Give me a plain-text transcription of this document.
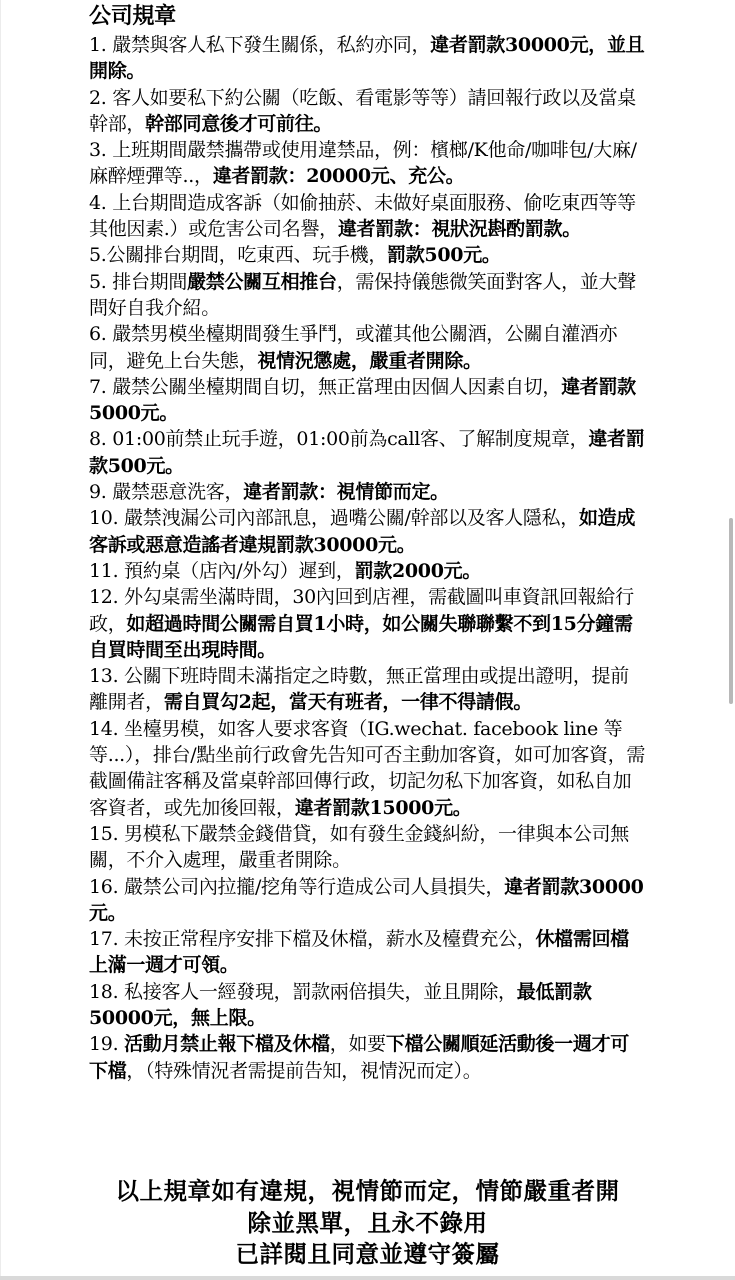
公司規章

1. 嚴禁與客人私下發生關係，私約亦同，違者罰款30000元，並且開除。

2. 客人如要私下約公關（吃飯、看電影等等）請回報行政以及當桌幹部，幹部同意後才可前往。

3. 上班期間嚴禁攜帶或使用違禁品，例：檳榔/K他命/咖啡包/大麻/麻醉煙彈等..，違者罰款：20000元、充公。

4. 上台期間造成客訴（如偷抽菸、未做好桌面服務、偷吃東西等等其他因素.）或危害公司名譽，違者罰款：視狀況斟酌罰款。

5.公關排台期間，吃東西、玩手機，罰款500元。

5. 排台期間嚴禁公關互相推台，需保持儀態微笑面對客人，並大聲問好自我介紹。

6. 嚴禁男模坐檯期間發生爭鬥，或灌其他公關酒，公關自灌酒亦同，避免上台失態，視情況懲處，嚴重者開除。

7. 嚴禁公關坐檯期間自切，無正當理由因個人因素自切，違者罰款5000元。

8. 01:00前禁止玩手遊，01:00前為call客、了解制度規章，違者罰款500元。

9. 嚴禁惡意洗客，違者罰款：視情節而定。

10. 嚴禁洩漏公司內部訊息，過嘴公關/幹部以及客人隱私，如造成客訴或惡意造謠者違規罰款30000元。

11. 預約桌（店內/外勾）遲到，罰款2000元。

12. 外勾桌需坐滿時間，30內回到店裡，需截圖叫車資訊回報給行政，如超過時間公關需自買1小時，如公關失聯聯繫不到15分鐘需自買時間至出現時間。

13. 公關下班時間未滿指定之時數，無正當理由或提出證明，提前離開者，需自買勾2起，當天有班者，一律不得請假。

14. 坐檯男模，如客人要求客資（IG.wechat. facebook line 等等...），排台/點坐前行政會先告知可否主動加客資，如可加客資，需截圖備註客稱及當桌幹部回傳行政，切記勿私下加客資，如私自加客資者，或先加後回報，違者罰款15000元。

15. 男模私下嚴禁金錢借貸，如有發生金錢糾紛，一律與本公司無關，不介入處理，嚴重者開除。

16. 嚴禁公司內拉攏/挖角等行造成公司人員損失，違者罰款30000元。

17. 未按正常程序安排下檔及休檔，薪水及檯費充公，休檔需回檔上滿一週才可領。

18. 私接客人一經發現，罰款兩倍損失，並且開除，最低罰款50000元，無上限。

19. 活動月禁止報下檔及休檔，如要下檔公關順延活動後一週才可下檔，（特殊情況者需提前告知，視情況而定）。

以上規章如有違規，視情節而定，情節嚴重者開
除並黑單，且永不錄用
已詳閱且同意並遵守簽屬
